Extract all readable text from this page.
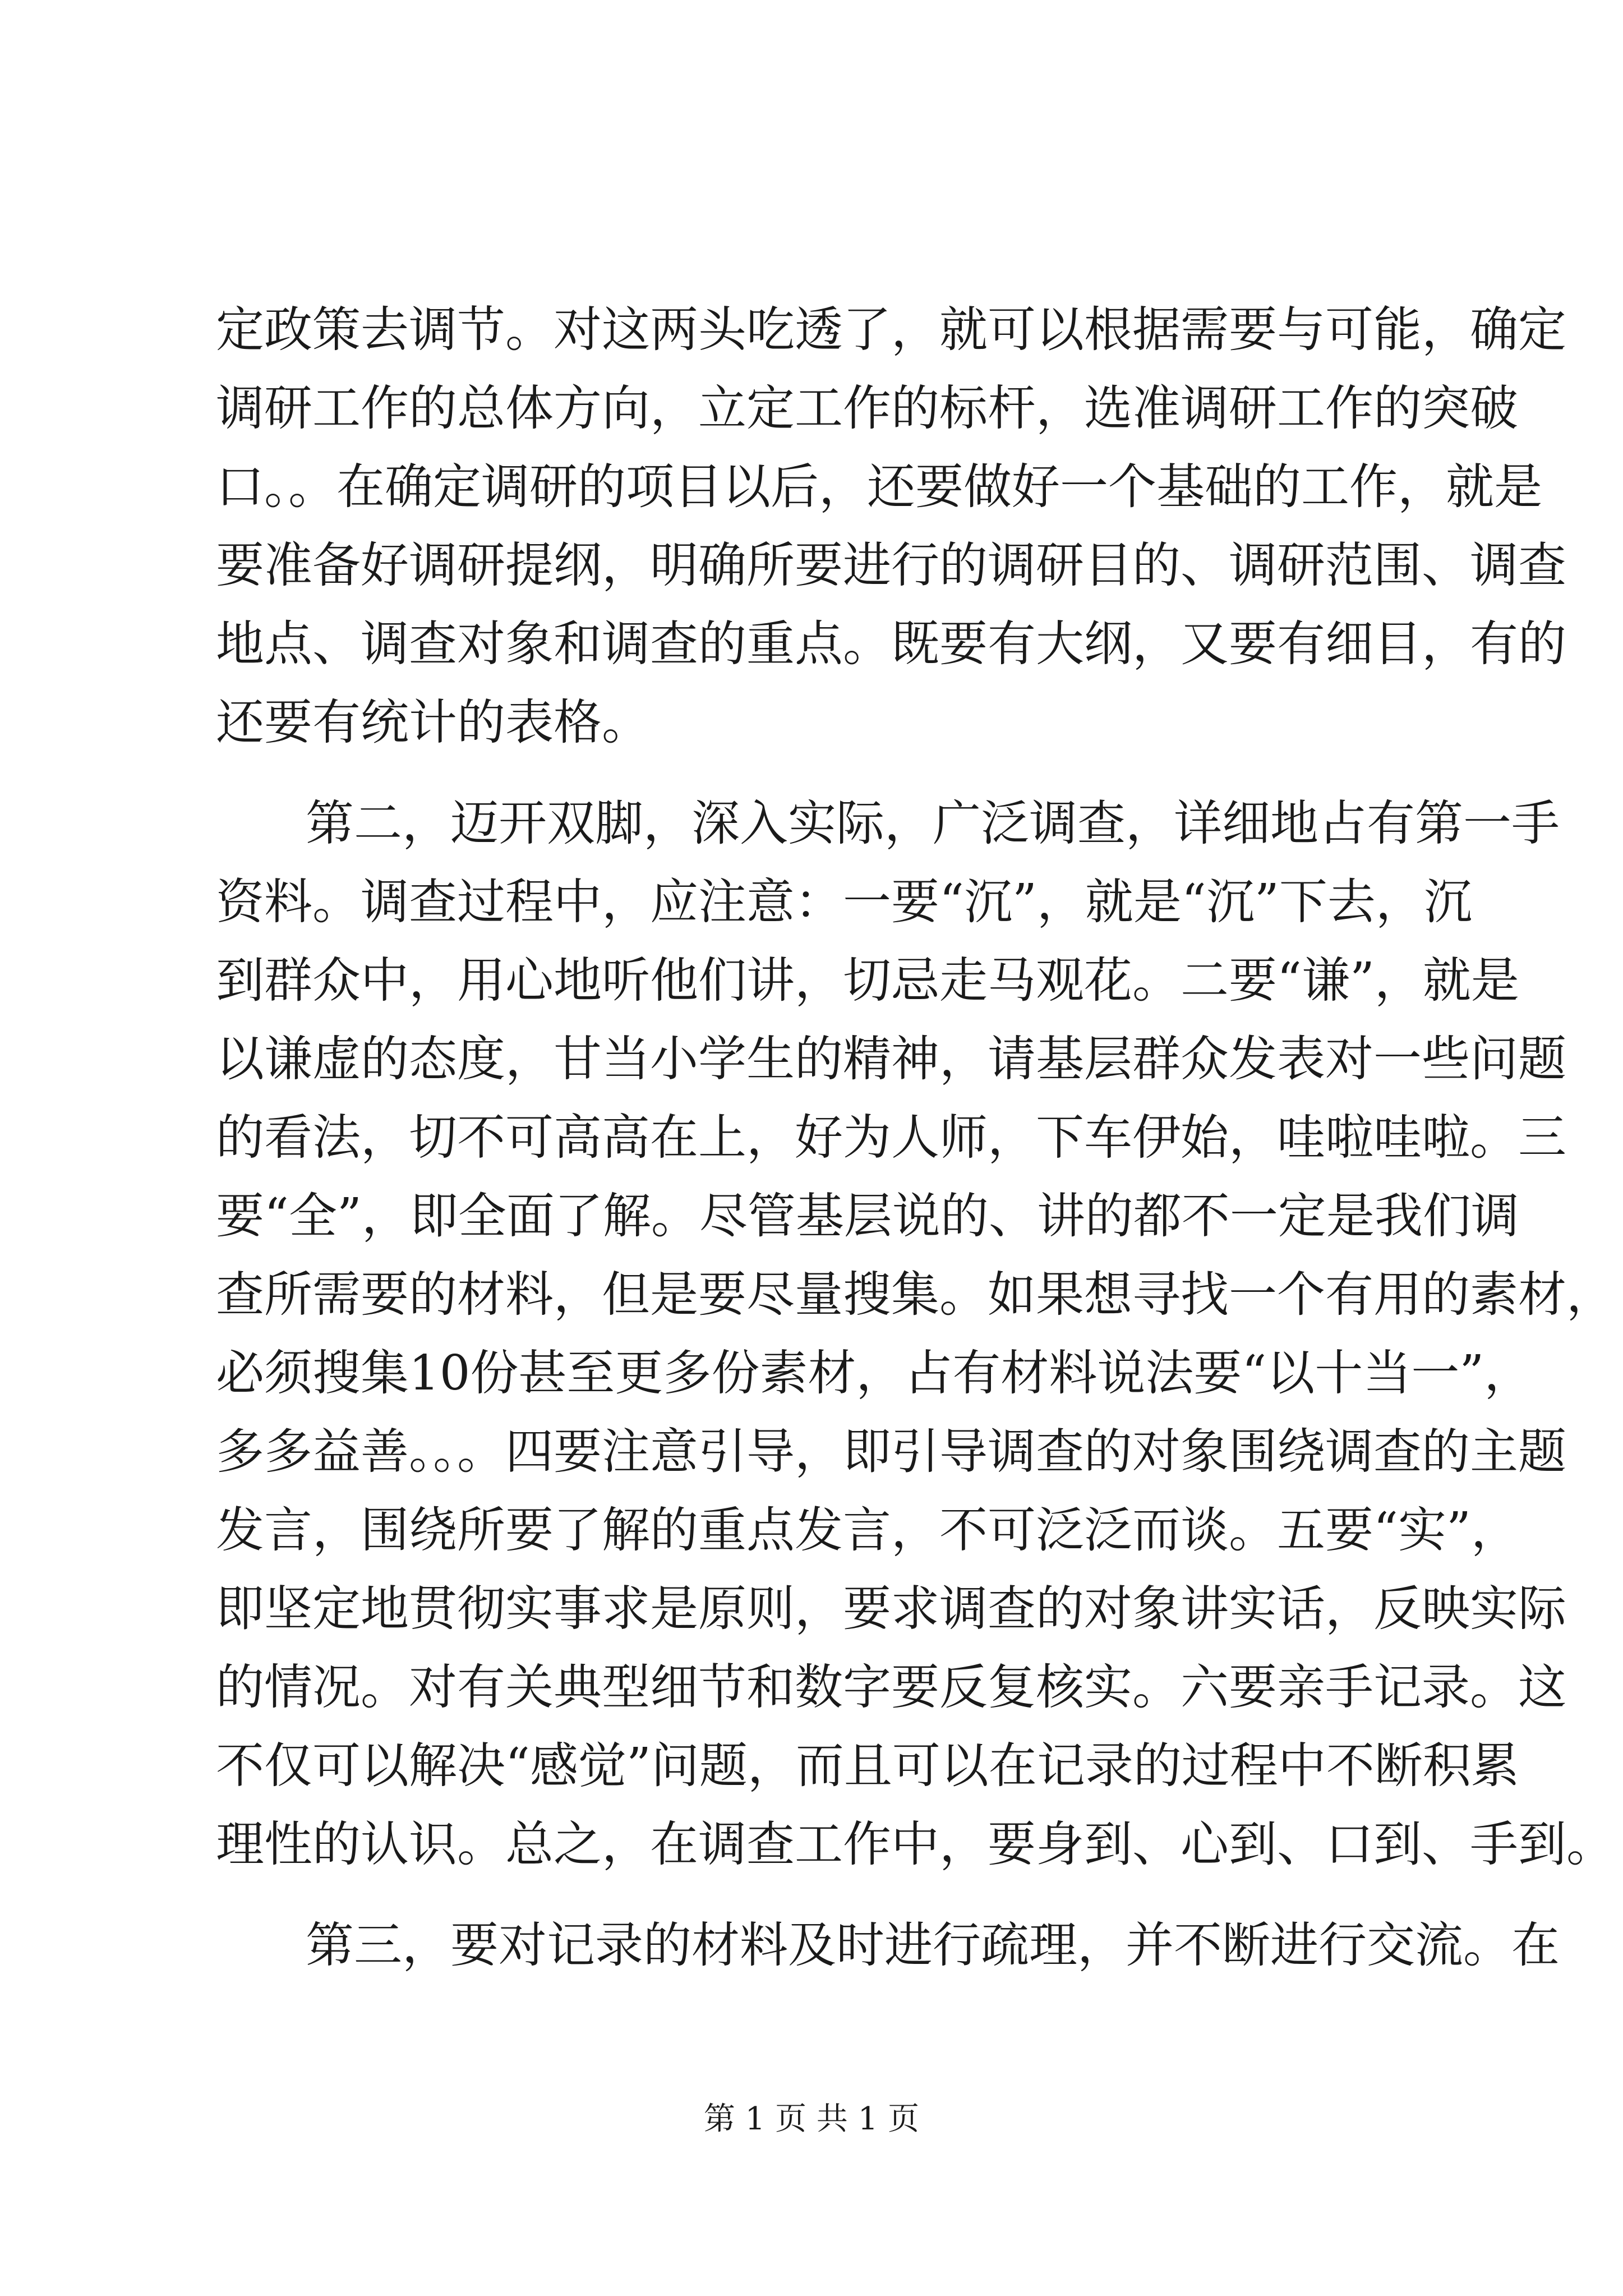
定政策去调节。对这两头吃透了，就可以根据需要与可能，确定
调研工作的总体方向，立定工作的标杆，选准调研工作的突破
口。。在确定调研的项目以后，还要做好一个基础的工作，就是
要准备好调研提纲，明确所要进行的调研目的、调研范围、调查
地点、调查对象和调查的重点。既要有大纲，又要有细目，有的
还要有统计的表格。
第二，迈开双脚，深入实际，广泛调查，详细地占有第一手
资料。调查过程中，应注意：一要“沉”，就是“沉”下去，沉
到群众中，用心地听他们讲，切忌走马观花。二要“谦”，就是
以谦虚的态度，甘当小学生的精神，请基层群众发表对一些问题
的看法，切不可高高在上，好为人师，下车伊始，哇啦哇啦。三
要“全”，即全面了解。尽管基层说的、讲的都不一定是我们调
查所需要的材料，但是要尽量搜集。如果想寻找一个有用的素材，
必须搜集10份甚至更多份素材，占有材料说法要“以十当一”，
多多益善。。。四要注意引导，即引导调查的对象围绕调查的主题
发言，围绕所要了解的重点发言，不可泛泛而谈。五要“实”，
即坚定地贯彻实事求是原则，要求调查的对象讲实话，反映实际
的情况。对有关典型细节和数字要反复核实。六要亲手记录。这
不仅可以解决“感觉”问题，而且可以在记录的过程中不断积累
理性的认识。总之，在调查工作中，要身到、心到、口到、手到。
第三，要对记录的材料及时进行疏理，并不断进行交流。在
第 1 页 共 1 页
